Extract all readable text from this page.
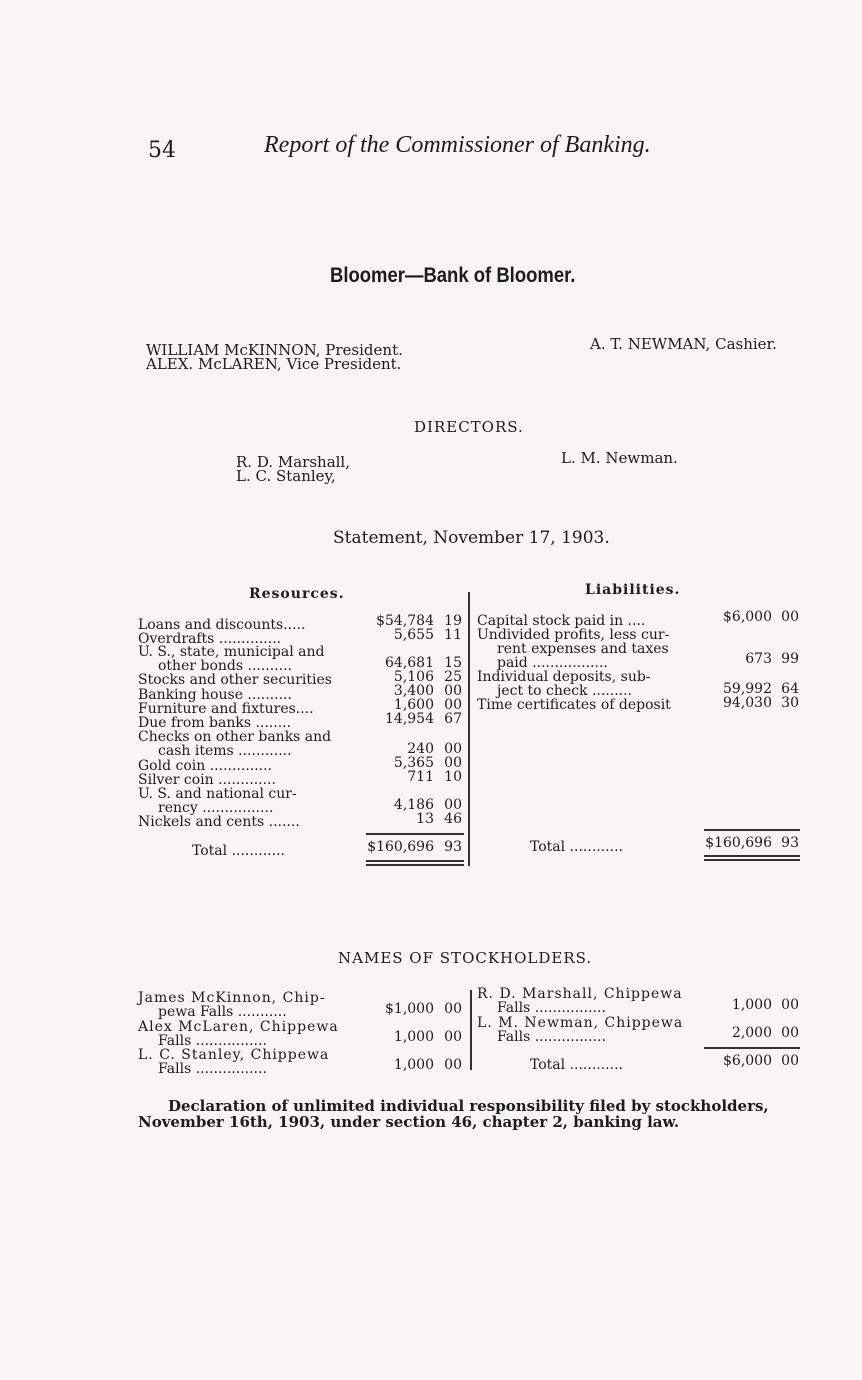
54	Report of the Commissioner of Banking.
Bloomer—Bank of Bloomer.
WILLIAM McKINNON, President.
ALEX. McLAREN, Vice President.
A. T. NEWMAN, Cashier.
DIRECTORS.
R. D. Marshall,
L. C. Stanley,
L. M. Newman.
Statement, November 17, 1903.
Resources.	Liabilities.
Loans and discounts.....	$54,784 19
Overdrafts ..............	5,655 11
U. S., state, municipal and
other bonds ..........	64,681 15
Stocks and other securities	5,106 25
Banking house ..........	3,400 00
Furniture and fixtures....	1,600 00
Due from banks ........	14,954 67
Checks on other banks and
cash items ............	240 00
Gold coin ..............	5,365 00
Silver coin .............	711 10
U. S. and national cur-
rency ................	4,186 00
Nickels and cents .......	13 46
Total ............	$160,696 93
Capital stock paid in ....	$6,000 00
Undivided profits, less cur-
rent expenses and taxes
paid .................	673 99
Individual deposits, sub-
ject to check .........	59,992 64
Time certificates of deposit	94,030 30
Total ............	$160,696 93
NAMES OF STOCKHOLDERS.
James McKinnon, Chip-
pewa Falls ...........	$1,000 00
Alex McLaren, Chippewa
Falls ................	1,000 00
L. C. Stanley, Chippewa
Falls ................	1,000 00
R. D. Marshall, Chippewa
Falls ................	1,000 00
L. M. Newman, Chippewa
Falls ................	2,000 00
Total ............	$6,000 00
Declaration of unlimited individual responsibility filed by stockholders, November 16th, 1903, under section 46, chapter 2, banking law.
